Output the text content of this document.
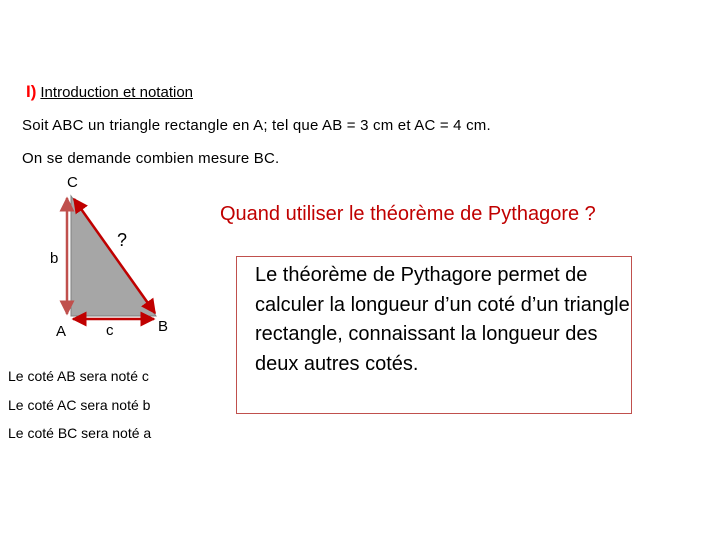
I) Introduction et notation
Soit ABC un triangle rectangle en A; tel que AB = 3 cm et AC = 4 cm.
On se demande combien mesure BC.
C
A	B
b
c
?
Quand utiliser le théorème de Pythagore ?
Le théorème de Pythagore permet de calculer la longueur d’un coté d’un triangle rectangle, connaissant la longueur des deux autres cotés.
Le coté AB sera noté c
Le coté AC sera noté b
Le coté BC sera noté a
